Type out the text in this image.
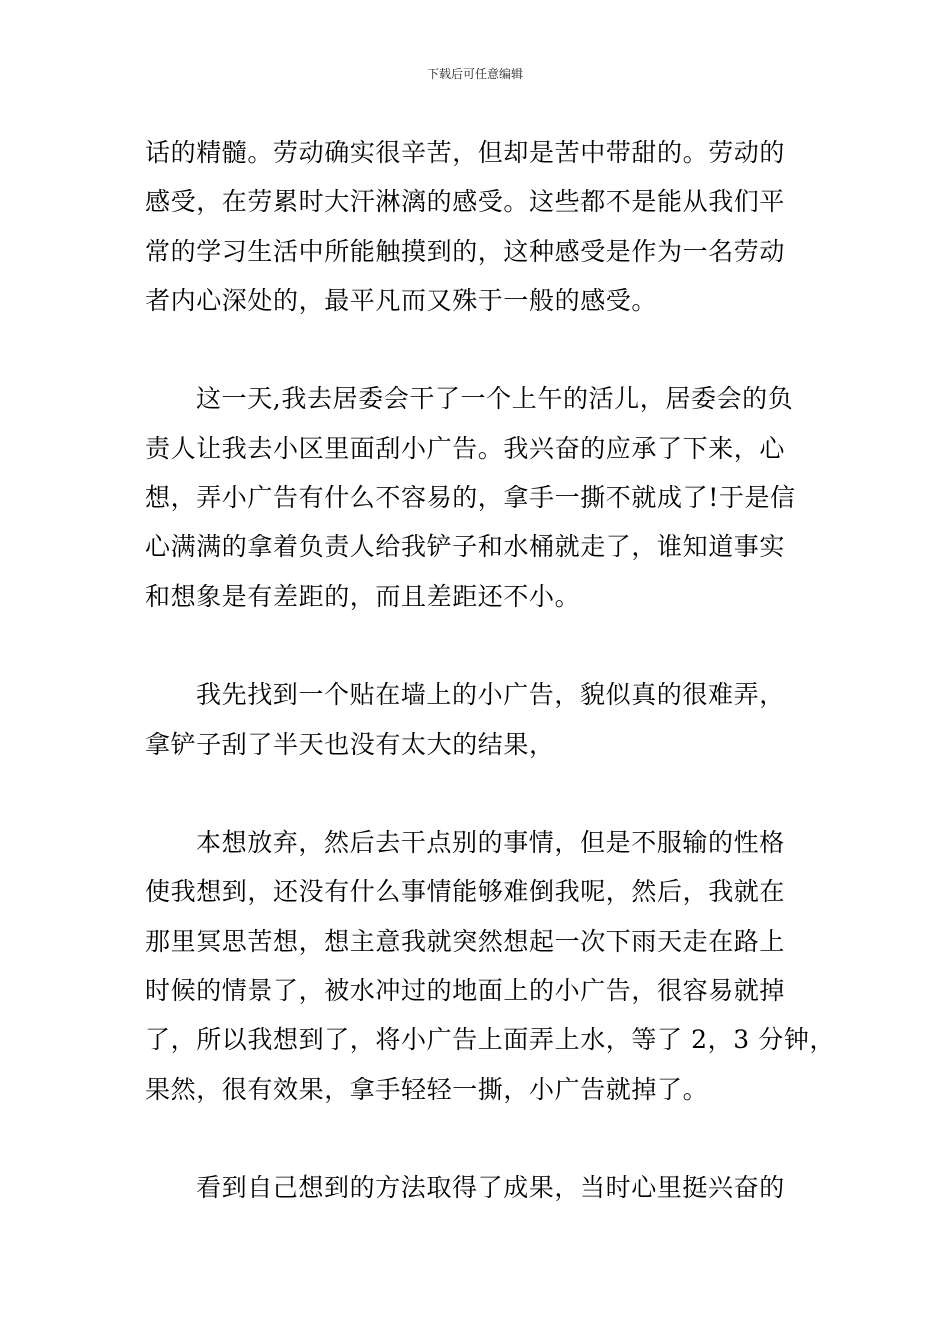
下载后可任意编辑
话的精髓。劳动确实很辛苦，但却是苦中带甜的。劳动的
感受，在劳累时大汗淋漓的感受。这些都不是能从我们平
常的学习生活中所能触摸到的，这种感受是作为一名劳动
者内心深处的，最平凡而又殊于一般的感受。
这一天,我去居委会干了一个上午的活儿，居委会的负
责人让我去小区里面刮小广告。我兴奋的应承了下来，心
想，弄小广告有什么不容易的，拿手一撕不就成了!于是信
心满满的拿着负责人给我铲子和水桶就走了，谁知道事实
和想象是有差距的，而且差距还不小。
我先找到一个贴在墙上的小广告，貌似真的很难弄，
拿铲子刮了半天也没有太大的结果，
本想放弃，然后去干点别的事情，但是不服输的性格
使我想到，还没有什么事情能够难倒我呢，然后，我就在
那里冥思苦想，想主意我就突然想起一次下雨天走在路上
时候的情景了，被水冲过的地面上的小广告，很容易就掉
了，所以我想到了，将小广告上面弄上水，等了 2，3 分钟，
果然，很有效果，拿手轻轻一撕，小广告就掉了。
看到自己想到的方法取得了成果，当时心里挺兴奋的
